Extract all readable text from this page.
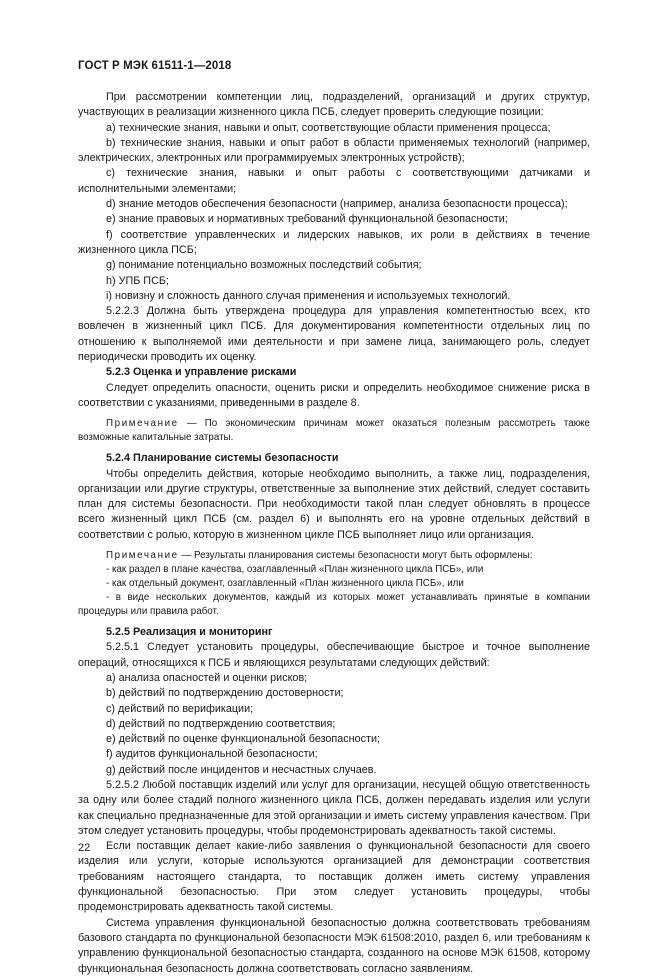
ГОСТ Р МЭК 61511-1—2018

При рассмотрении компетенции лиц, подразделений, организаций и других структур, участвующих в реализации жизненного цикла ПСБ, следует проверить следующие позиции:

a) технические знания, навыки и опыт, соответствующие области применения процесса;

b) технические знания, навыки и опыт работ в области применяемых технологий (например, электрических, электронных или программируемых электронных устройств);

c) технические знания, навыки и опыт работы с соответствующими датчиками и исполнительными элементами;

d) знание методов обеспечения безопасности (например, анализа безопасности процесса);

e) знание правовых и нормативных требований функциональной безопасности;

f) соответствие управленческих и лидерских навыков, их роли в действиях в течение жизненного цикла ПСБ;

g) понимание потенциально возможных последствий события;

h) УПБ ПСБ;

i) новизну и сложность данного случая применения и используемых технологий.

5.2.2.3 Должна быть утверждена процедура для управления компетентностью всех, кто вовлечен в жизненный цикл ПСБ. Для документирования компетентности отдельных лиц по отношению к выполняемой ими деятельности и при замене лица, занимающего роль, следует периодически проводить их оценку.

5.2.3 Оценка и управление рисками

Следует определить опасности, оценить риски и определить необходимое снижение риска в соответствии с указаниями, приведенными в разделе 8.

Примечание — По экономическим причинам может оказаться полезным рассмотреть также возможные капитальные затраты.

5.2.4 Планирование системы безопасности

Чтобы определить действия, которые необходимо выполнить, а также лиц, подразделения, организации или другие структуры, ответственные за выполнение этих действий, следует составить план для системы безопасности. При необходимости такой план следует обновлять в процессе всего жизненный цикл ПСБ (см. раздел 6) и выполнять его на уровне отдельных действий в соответствии с ролью, которую в жизненном цикле ПСБ выполняет лицо или организация.

Примечание — Результаты планирования системы безопасности могут быть оформлены:

- как раздел в плане качества, озаглавленный «План жизненного цикла ПСБ», или

- как отдельный документ, озаглавленный «План жизненного цикла ПСБ», или

- в виде нескольких документов, каждый из которых может устанавливать принятые в компании процедуры или правила работ.

5.2.5 Реализация и мониторинг

5.2.5.1 Следует установить процедуры, обеспечивающие быстрое и точное выполнение операций, относящихся к ПСБ и являющихся результатами следующих действий:

a) анализа опасностей и оценки рисков;

b) действий по подтверждению достоверности;

c) действий по верификации;

d) действий по подтверждению соответствия;

e) действий по оценке функциональной безопасности;

f) аудитов функциональной безопасности;

g) действий после инцидентов и несчастных случаев.

5.2.5.2 Любой поставщик изделий или услуг для организации, несущей общую ответственность за одну или более стадий полного жизненного цикла ПСБ, должен передавать изделия или услуги как специально предназначенные для этой организации и иметь систему управления качеством. При этом следует установить процедуры, чтобы продемонстрировать адекватность такой системы.

Если поставщик делает какие-либо заявления о функциональной безопасности для своего изделия или услуги, которые используются организацией для демонстрации соответствия требованиям настоящего стандарта, то поставщик должен иметь систему управления функциональной безопасностью. При этом следует установить процедуры, чтобы продемонстрировать адекватность такой системы.

Система управления функциональной безопасностью должна соответствовать требованиям базового стандарта по функциональной безопасности МЭК 61508:2010, раздел 6, или требованиям к управлению функциональной безопасностью стандарта, созданного на основе МЭК 61508, которому функциональная безопасность должна соответствовать согласно заявлениям.

22
